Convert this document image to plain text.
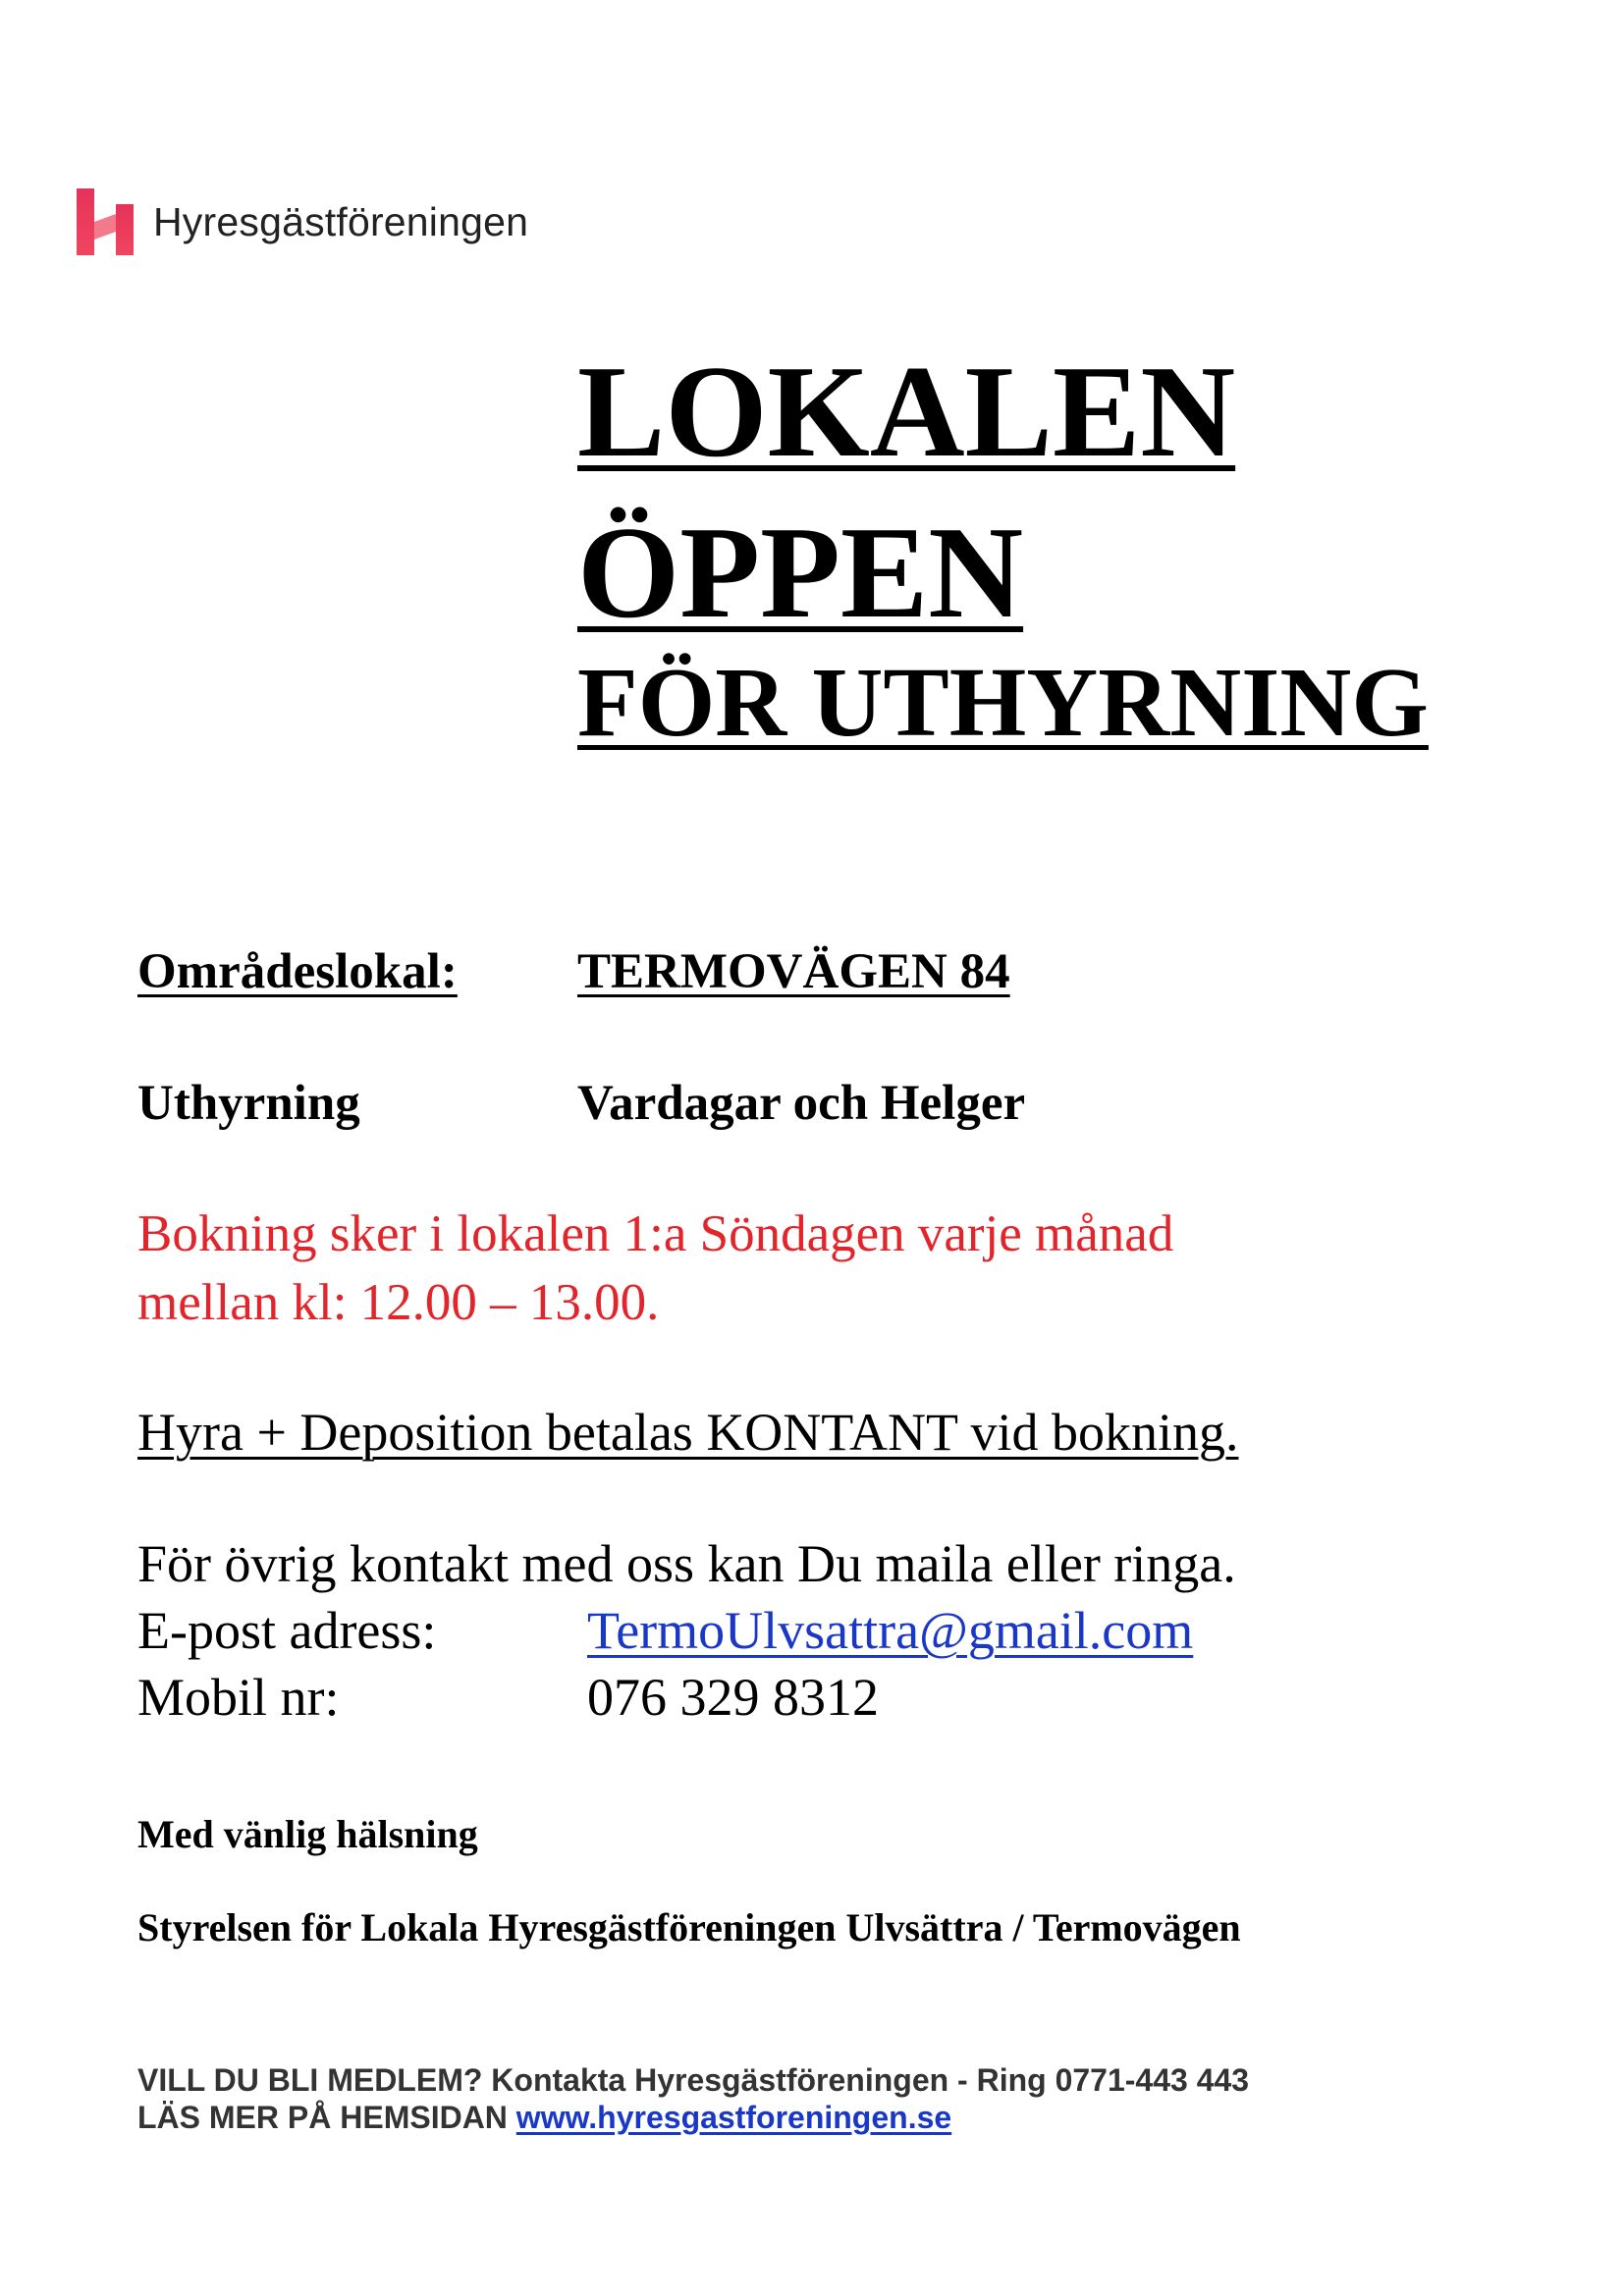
Hyresgästföreningen
LOKALEN
ÖPPEN
FÖR UTHYRNING
Områdeslokal: TERMOVÄGEN 84
Uthyrning	Vardagar och Helger
Bokning sker i lokalen 1:a Söndagen varje månad
mellan kl: 12.00 – 13.00.
Hyra + Deposition betalas KONTANT vid bokning.
För övrig kontakt med oss kan Du maila eller ringa.
E-post adress:	TermoUlvsattra@gmail.com
Mobil nr:	076 329 8312
Med vänlig hälsning
Styrelsen för Lokala Hyresgästföreningen Ulvsättra / Termovägen
VILL DU BLI MEDLEM? Kontakta Hyresgästföreningen - Ring 0771-443 443
LÄS MER PÅ HEMSIDAN www.hyresgastforeningen.se
